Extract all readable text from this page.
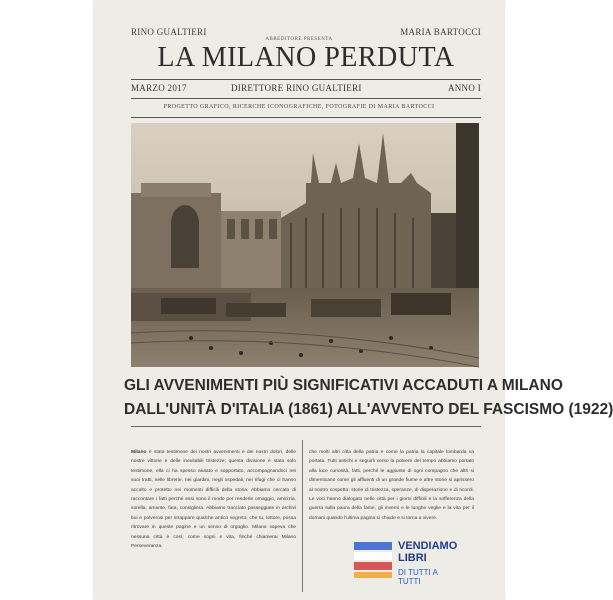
RINO GUALTIERI	MARIA BARTOCCI
ABREDITORE PRESENTA
LA MILANO PERDUTA
MARZO 2017	DIRETTORE RINO GUALTIERI	ANNO I
PROGETTO GRAFICO, RICERCHE ICONOGRAFICHE, FOTOGRAFIE DI MARIA BARTOCCI
GLI AVVENIMENTI PIÙ SIGNIFICATIVI ACCADUTI A MILANO
DALL'UNITÀ D'ITALIA (1861) ALL'AVVENTO DEL FASCISMO (1922)
Milano è stata testimone dei nostri avvenimenti e dei nostri dolori, delle nostre vittorie e delle inevitabili tristezze; questa divisione è stata solo testimone, ella ci ha spesso aiutato e sopportato, accompagnandoci nei suoi tratti, nelle librerie, nei giardini, negli ospedali, nei rifugi che ci hanno accolto e protetto nei momenti difficili della storia. Abbiamo cercato di raccontare i fatti perché essi sono il modo per renderle omaggio, amicizia, sorella, amante, fata, consigliera. Abbiamo tracciato passeggiate in archivi bui e polverosi per strappare qualche antico segreto, che tu, lettore, possa ritrovare in queste pagine e un senso di orgoglio. Milano sapeva che nessuna città è così, come sogni e vita, finché chiamerai Milano Perseveranza.
che molti altri citta della patria e come la patria la capitale lombarda va portata. Tutti antichi e seguirli verso la polvere del tempo abbiamo portato alla luce curiosità, fatti, perché le aggiunte di ogni compagno che altri si dimenticano come gli affluenti di un grande fiume e altre storie si aprissero al nostro cospetto: storie di tristezza, speranze, di disperazione e di ricordi. Le voci hanno dialogato nelle città per i giorni difficili e la sofferenza della guerra sulla paura della fame, gli inverni e le lunghe veglie e la vita per il domani quando l'ultima pagina si chiude e si torna a vivere.
VENDIAMO
LIBRI
DI TUTTI A TUTTI
